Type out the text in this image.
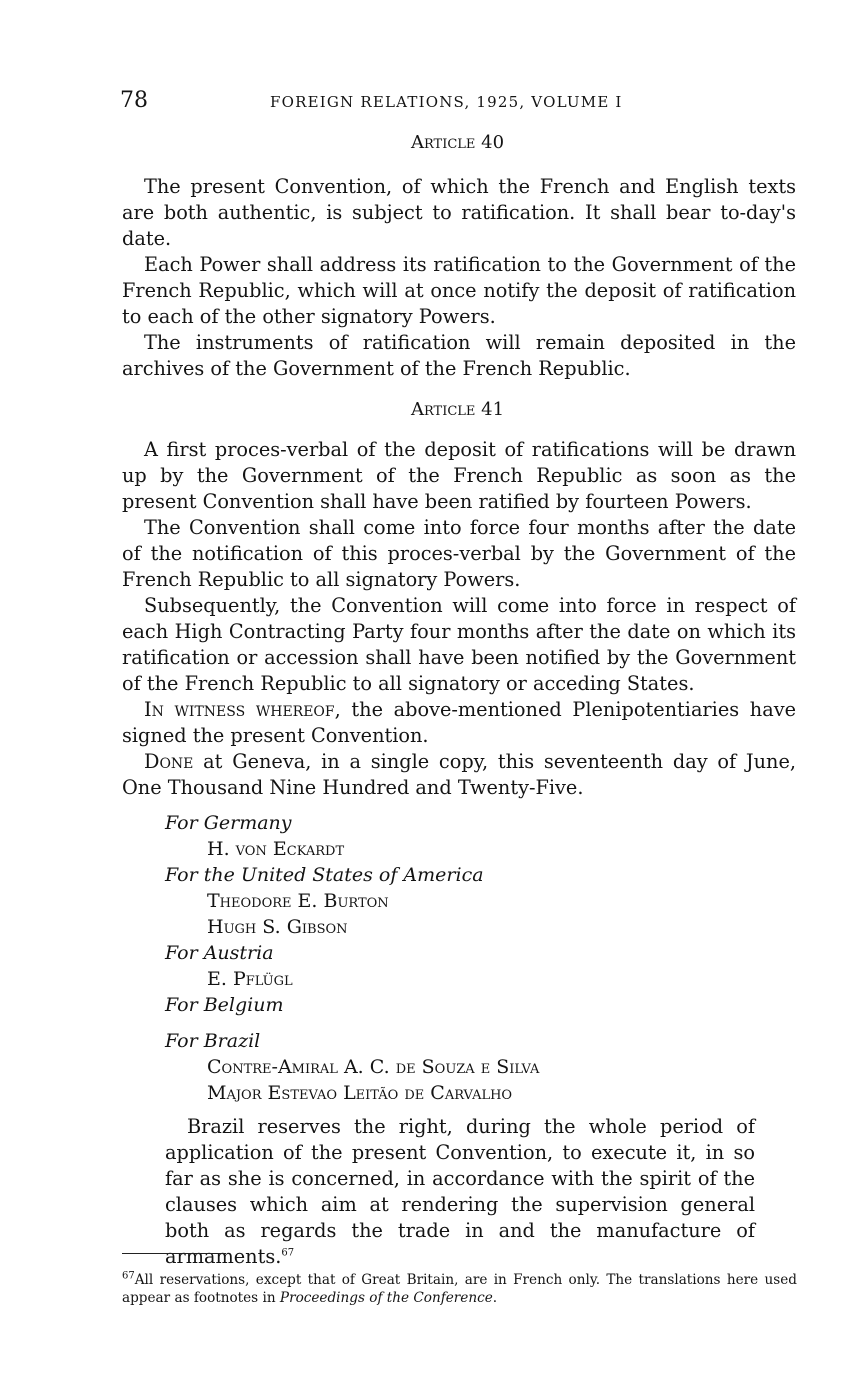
78	FOREIGN RELATIONS, 1925, VOLUME I
Article 40

The present Convention, of which the French and English texts are both authentic, is subject to ratification. It shall bear to-day's date.

Each Power shall address its ratification to the Government of the French Republic, which will at once notify the deposit of ratification to each of the other signatory Powers.

The instruments of ratification will remain deposited in the archives of the Government of the French Republic.

Article 41

A first proces-verbal of the deposit of ratifications will be drawn up by the Government of the French Republic as soon as the present Convention shall have been ratified by fourteen Powers.

The Convention shall come into force four months after the date of the notification of this proces-verbal by the Government of the French Republic to all signatory Powers.

Subsequently, the Convention will come into force in respect of each High Contracting Party four months after the date on which its ratification or accession shall have been notified by the Government of the French Republic to all signatory or acceding States.

In witness whereof, the above-mentioned Plenipotentiaries have signed the present Convention.

Done at Geneva, in a single copy, this seventeenth day of June, One Thousand Nine Hundred and Twenty-Five.

For Germany
H. von Eckardt
For the United States of America
Theodore E. Burton
Hugh S. Gibson
For Austria
E. Pflügl
For Belgium
For Brazil
Contre-Amiral A. C. de Souza e Silva
Major Estevao Leitão de Carvalho

Brazil reserves the right, during the whole period of application of the present Convention, to execute it, in so far as she is concerned, in accordance with the spirit of the clauses which aim at rendering the supervision general both as regards the trade in and the manufacture of armaments.$^{67}$

$^{67}$All reservations, except that of Great Britain, are in French only. The translations here used appear as footnotes in Proceedings of the Conference.
